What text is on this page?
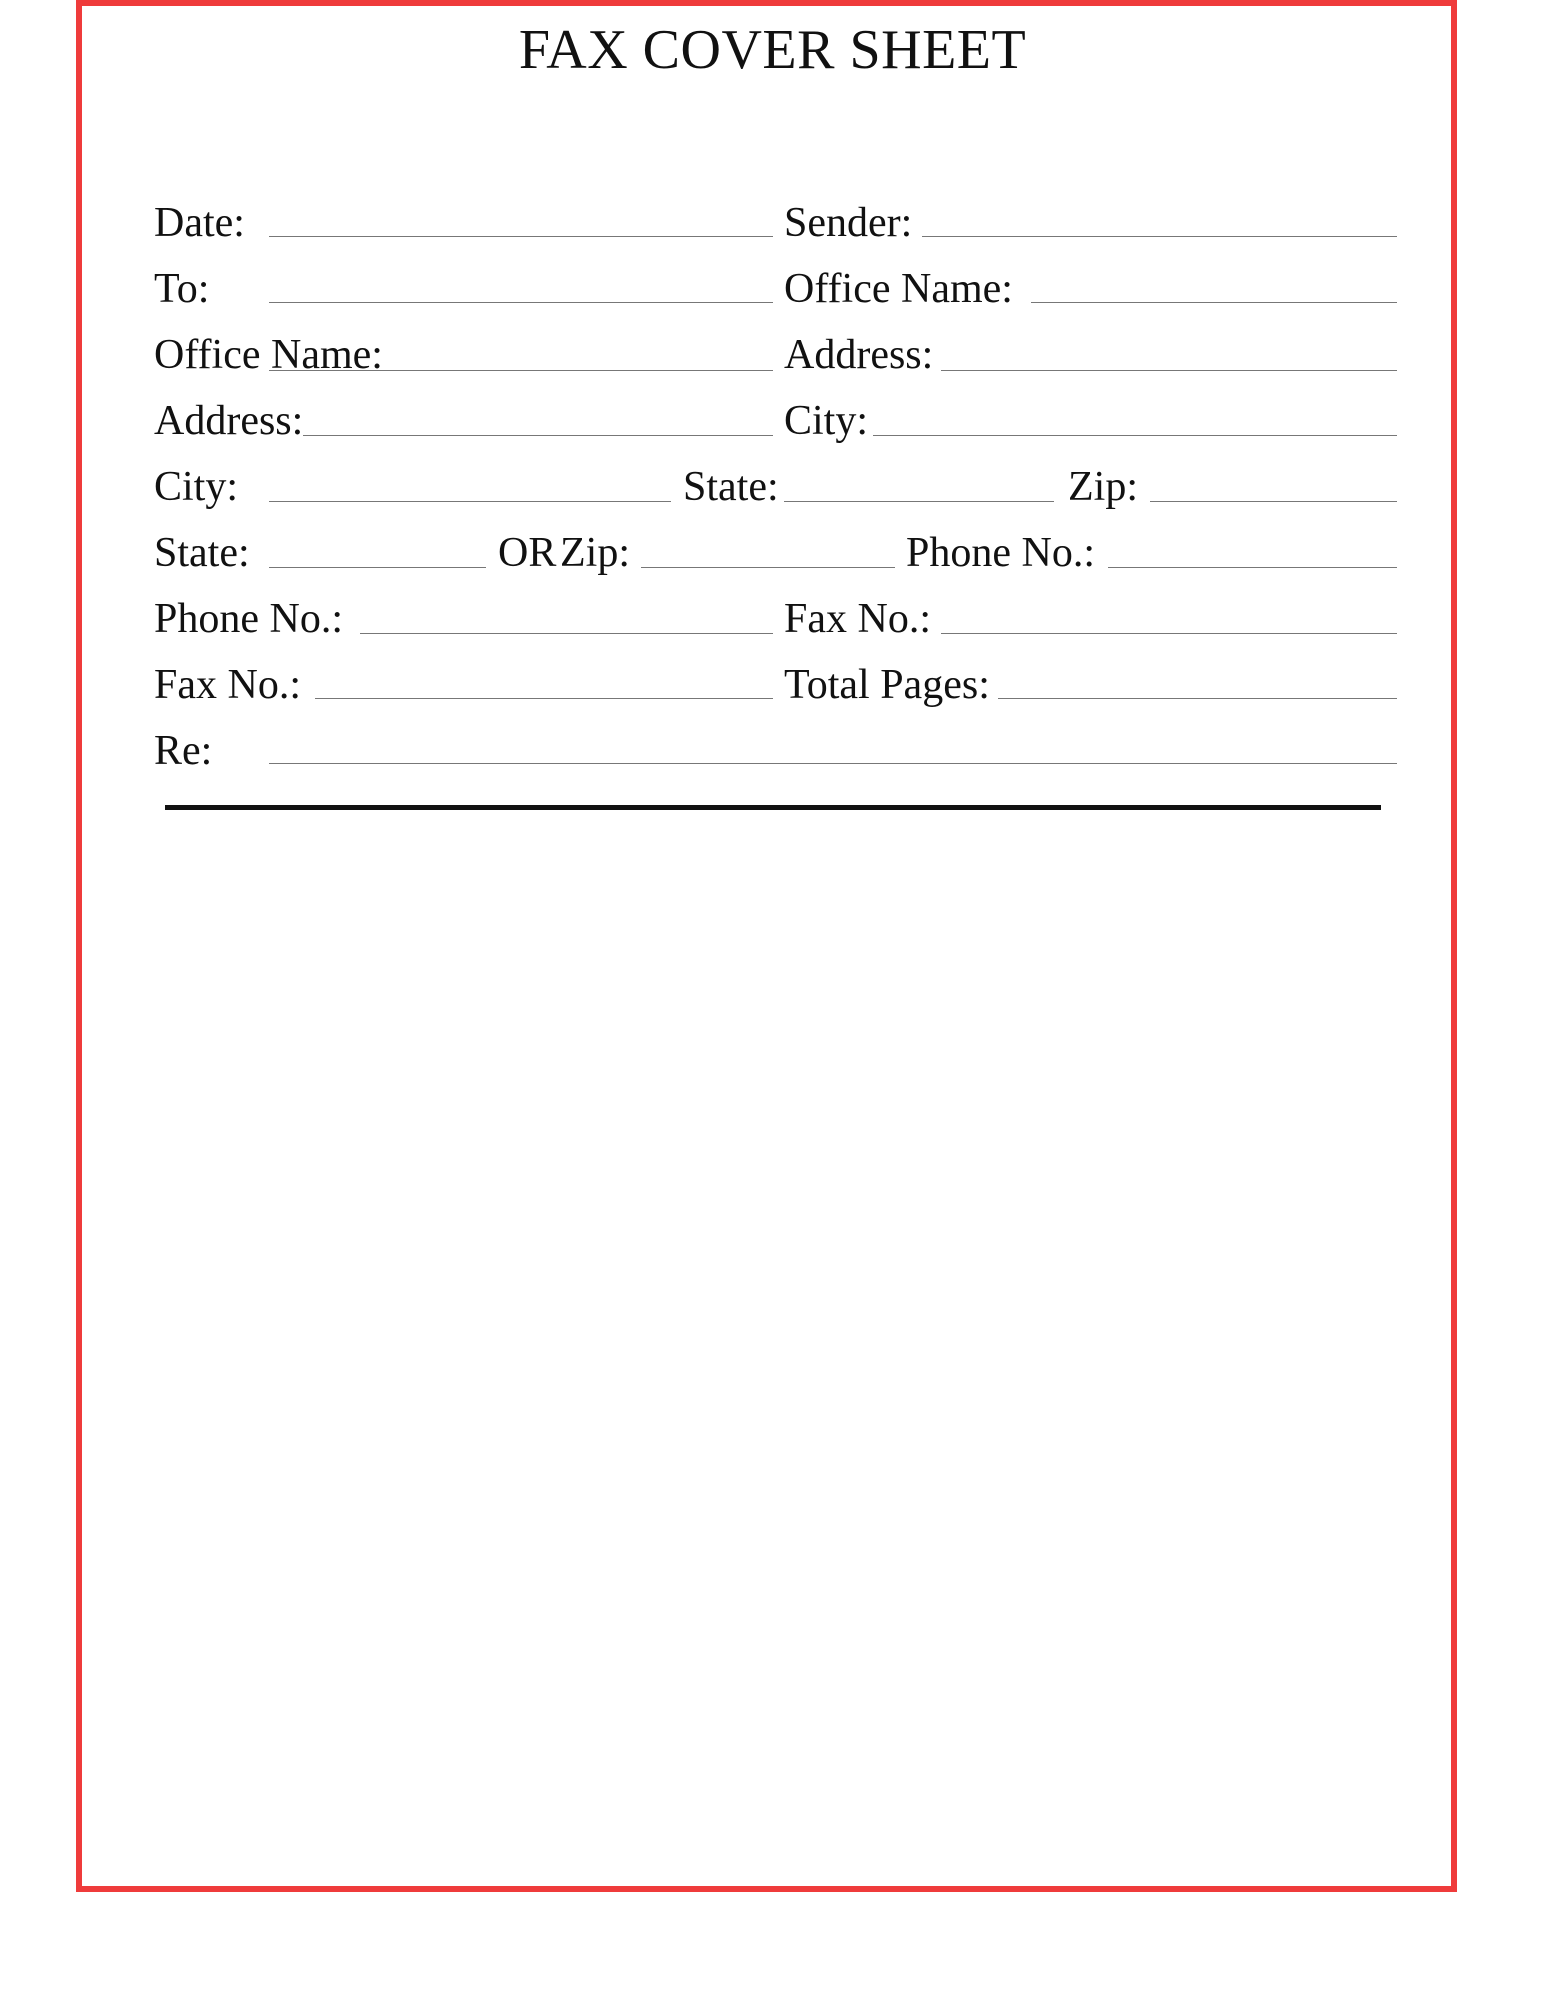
FAX COVER SHEET
Date:	Sender:
To:	Office Name:
Office Name:	Address:
Address:	City:
City:	State:	Zip:
State:	OR Zip:	Phone No.:
Phone No.:	Fax No.:
Fax No.:	Total Pages:
Re:
